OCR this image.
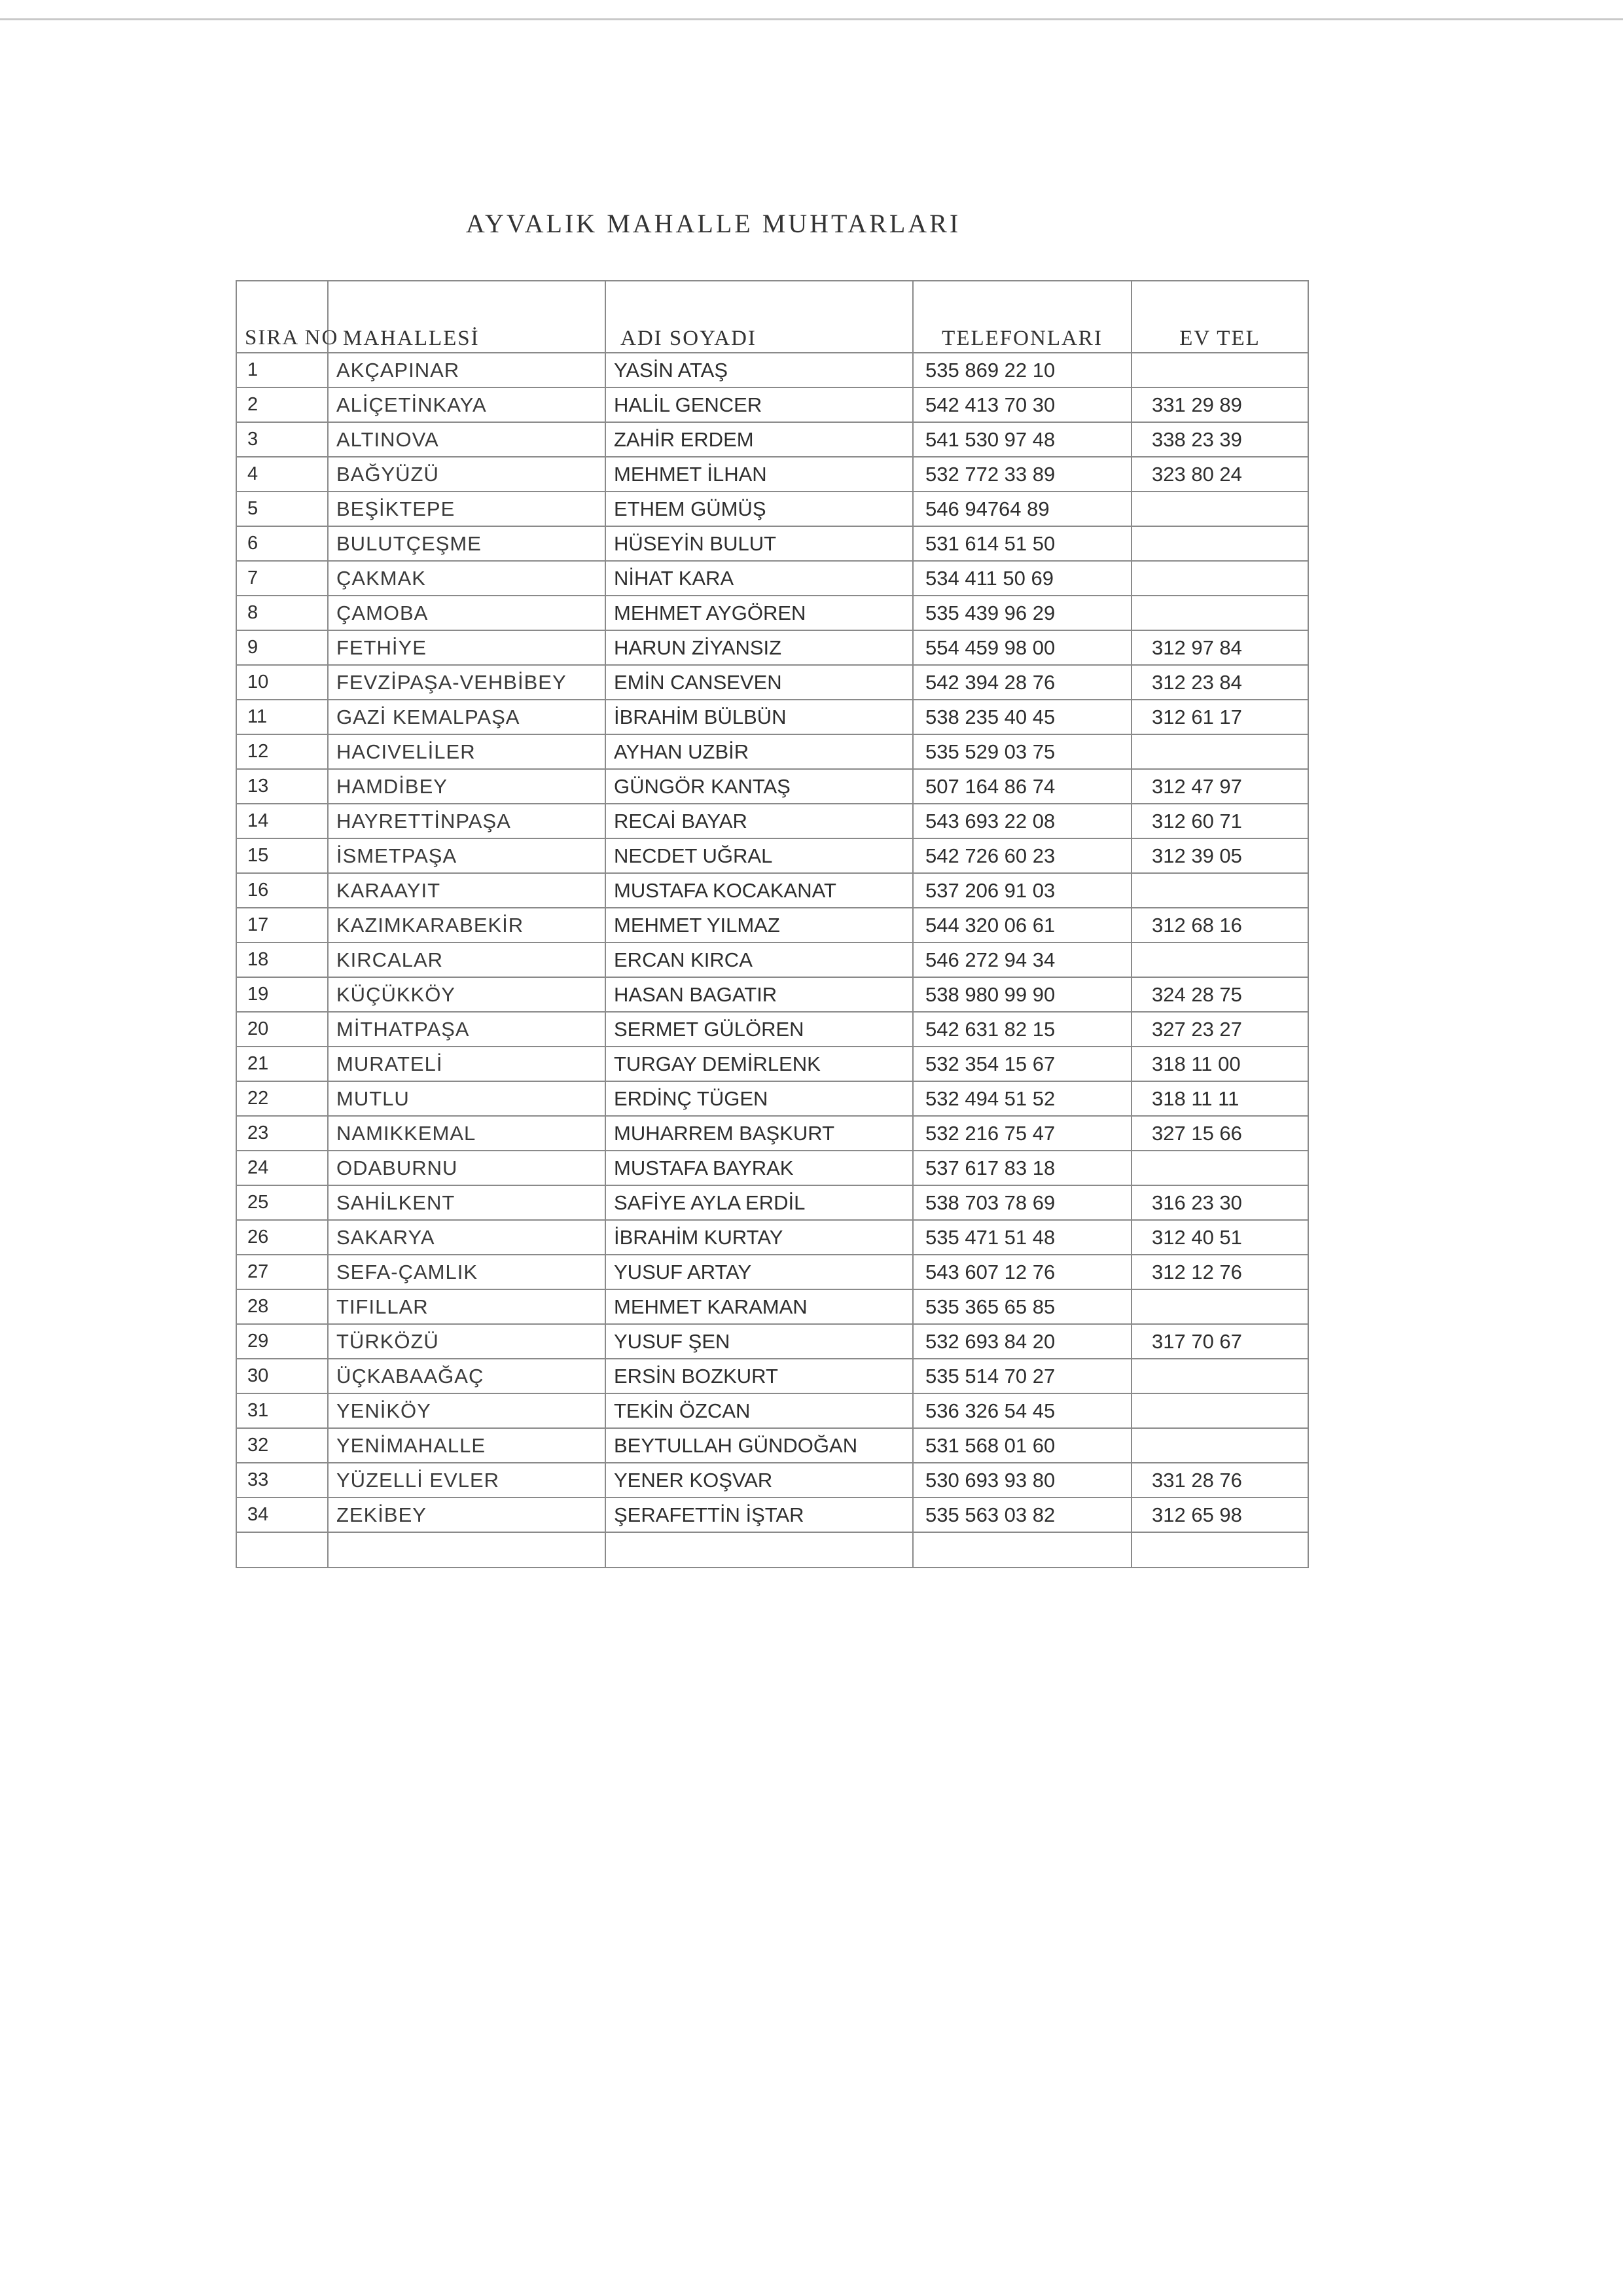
AYVALIK MAHALLE MUHTARLARI
SIRA NO	MAHALLESİ	ADI SOYADI	TELEFONLARI	EV TEL
1	AKÇAPINAR	YASİN ATAŞ	535 869 22 10	
2	ALİÇETİNKAYA	HALİL GENCER	542 413 70 30	331 29 89
3	ALTINOVA	ZAHİR ERDEM	541 530 97 48	338 23 39
4	BAĞYÜZÜ	MEHMET İLHAN	532 772 33 89	323 80 24
5	BEŞİKTEPE	ETHEM GÜMÜŞ	546 94764 89	
6	BULUTÇEŞME	HÜSEYİN BULUT	531 614 51 50	
7	ÇAKMAK	NİHAT KARA	534 411 50 69	
8	ÇAMOBA	MEHMET AYGÖREN	535 439 96 29	
9	FETHİYE	HARUN ZİYANSIZ	554 459 98 00	312 97 84
10	FEVZİPAŞA-VEHBİBEY	EMİN CANSEVEN	542 394 28 76	312 23 84
11	GAZİ KEMALPAŞA	İBRAHİM BÜLBÜN	538 235 40 45	312 61 17
12	HACIVELİLER	AYHAN UZBİR	535 529 03 75	
13	HAMDİBEY	GÜNGÖR KANTAŞ	507 164 86 74	312 47 97
14	HAYRETTİNPAŞA	RECAİ BAYAR	543 693 22 08	312 60 71
15	İSMETPAŞA	NECDET UĞRAL	542 726 60 23	312 39 05
16	KARAAYIT	MUSTAFA KOCAKANAT	537 206 91 03	
17	KAZIMKARABEKİR	MEHMET YILMAZ	544 320 06 61	312 68 16
18	KIRCALAR	ERCAN KIRCA	546 272 94 34	
19	KÜÇÜKKÖY	HASAN BAGATIR	538 980 99 90	324 28 75
20	MİTHATPAŞA	SERMET GÜLÖREN	542 631 82 15	327 23 27
21	MURATELİ	TURGAY DEMİRLENK	532 354 15 67	318 11 00
22	MUTLU	ERDİNÇ TÜGEN	532 494 51 52	318 11 11
23	NAMIKKEMAL	MUHARREM BAŞKURT	532 216 75 47	327 15 66
24	ODABURNU	MUSTAFA BAYRAK	537 617 83 18	
25	SAHİLKENT	SAFİYE AYLA ERDİL	538 703 78 69	316 23 30
26	SAKARYA	İBRAHİM KURTAY	535 471 51 48	312 40 51
27	SEFA-ÇAMLIK	YUSUF ARTAY	543 607 12 76	312 12 76
28	TIFILLAR	MEHMET KARAMAN	535 365 65 85	
29	TÜRKÖZÜ	YUSUF ŞEN	532 693 84 20	317 70 67
30	ÜÇKABAAĞAÇ	ERSİN BOZKURT	535 514 70 27	
31	YENİKÖY	TEKİN ÖZCAN	536 326 54 45	
32	YENİMAHALLE	BEYTULLAH GÜNDOĞAN	531 568 01 60	
33	YÜZELLİ EVLER	YENER KOŞVAR	530 693 93 80	331 28 76
34	ZEKİBEY	ŞERAFETTİN İŞTAR	535 563 03 82	312 65 98
